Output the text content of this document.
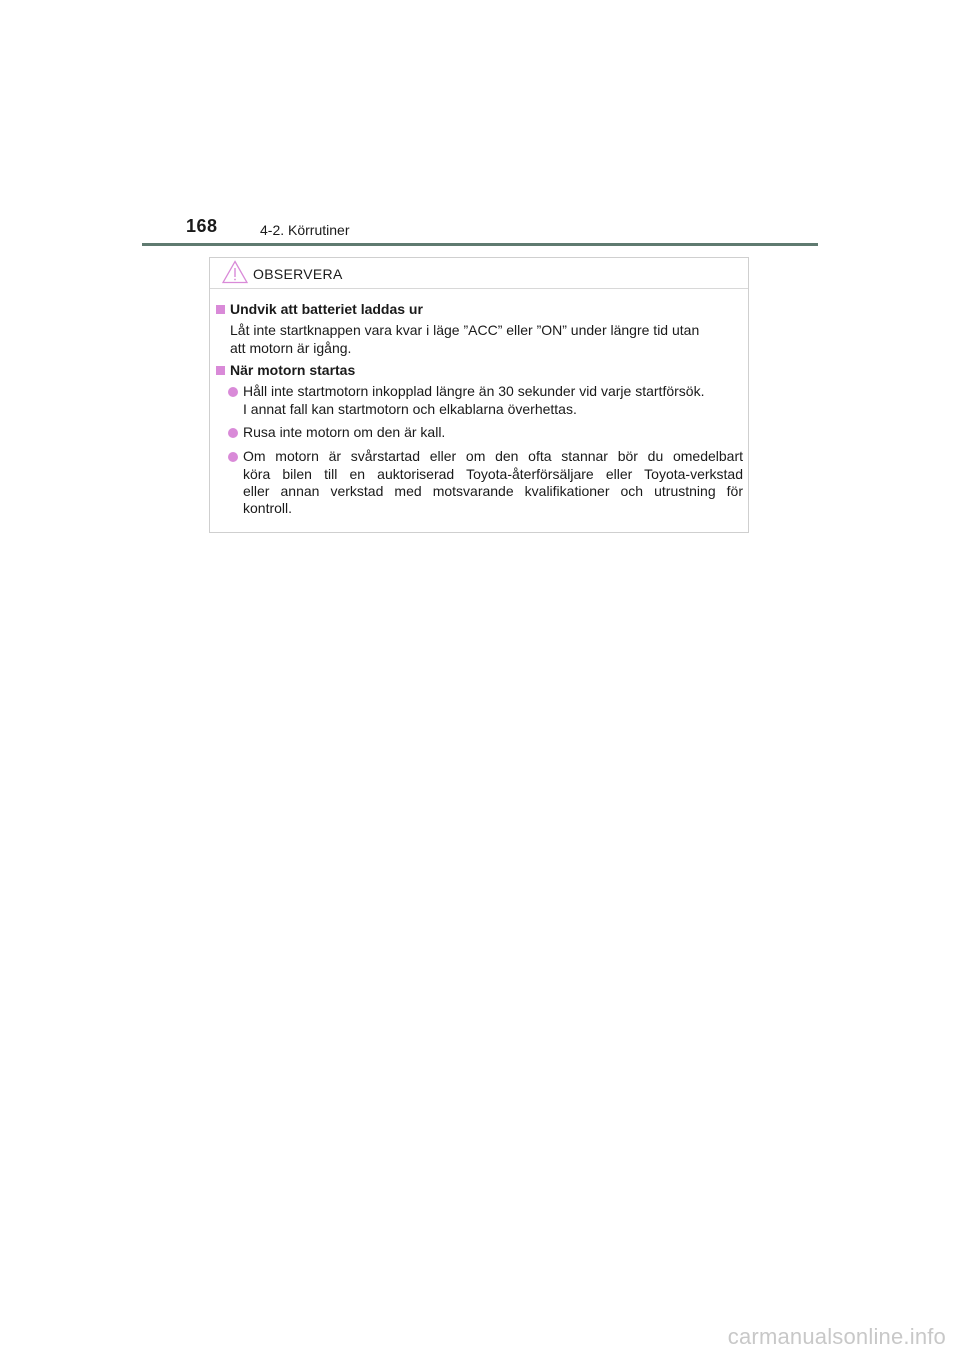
168	4-2. Körrutiner
OBSERVERA
Undvik att batteriet laddas ur
Låt inte startknappen vara kvar i läge ”ACC” eller ”ON” under längre tid utan
att motorn är igång.
När motorn startas
Håll inte startmotorn inkopplad längre än 30 sekunder vid varje startförsök.
I annat fall kan startmotorn och elkablarna överhettas.
Rusa inte motorn om den är kall.
Om motorn är svårstartad eller om den ofta stannar bör du omedelbart
köra bilen till en auktoriserad Toyota-återförsäljare eller Toyota-verkstad
eller annan verkstad med motsvarande kvalifikationer och utrustning för
kontroll.
carmanualsonline.info
